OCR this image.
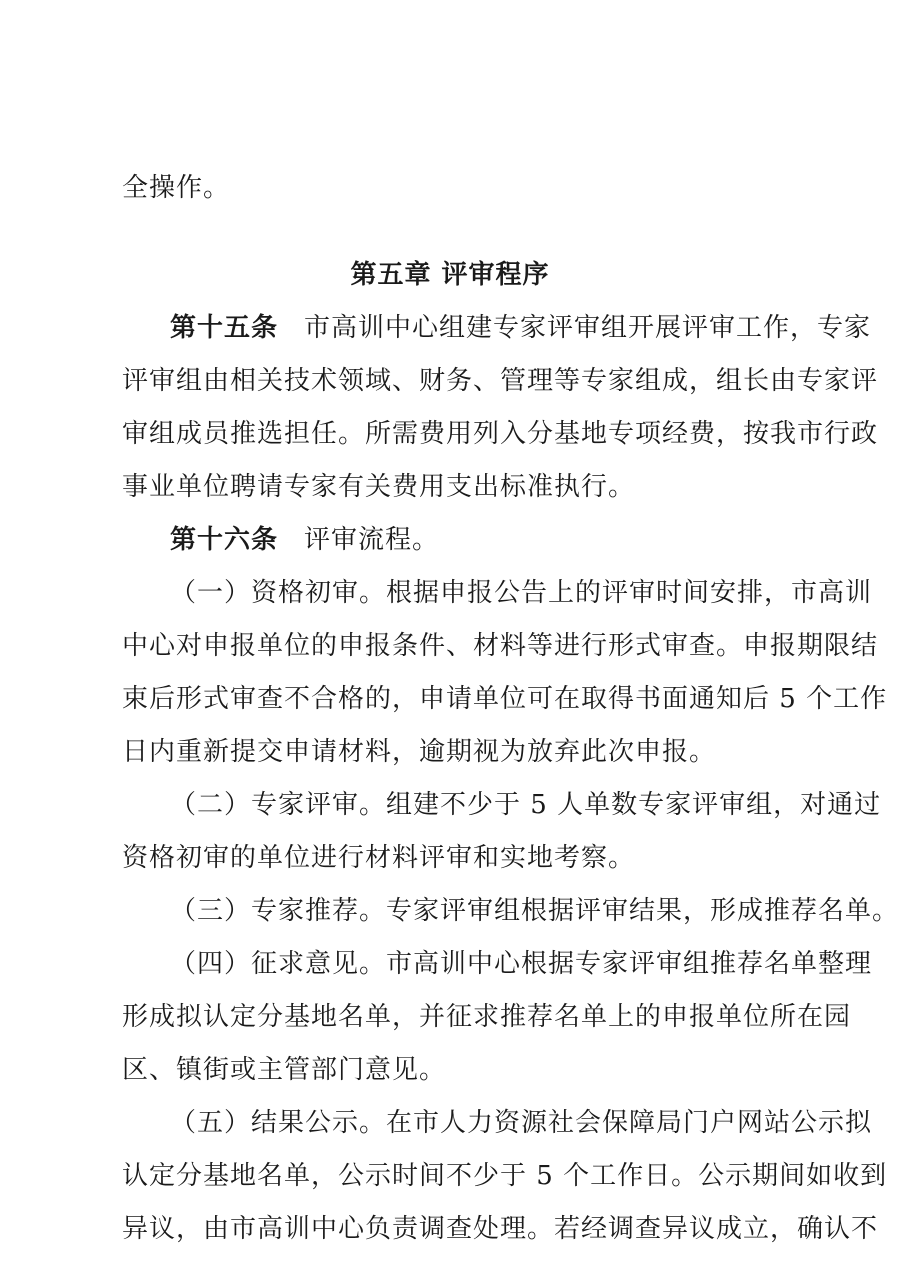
全操作。
第五章 评审程序
第十五条 市高训中心组建专家评审组开展评审工作，专家
评审组由相关技术领域、财务、管理等专家组成，组长由专家评
审组成员推选担任。所需费用列入分基地专项经费，按我市行政
事业单位聘请专家有关费用支出标准执行。
第十六条 评审流程。
（一）资格初审。根据申报公告上的评审时间安排，市高训
中心对申报单位的申报条件、材料等进行形式审查。申报期限结
束后形式审查不合格的，申请单位可在取得书面通知后 5 个工作
日内重新提交申请材料，逾期视为放弃此次申报。
（二）专家评审。组建不少于 5 人单数专家评审组，对通过
资格初审的单位进行材料评审和实地考察。
（三）专家推荐。专家评审组根据评审结果，形成推荐名单。
（四）征求意见。市高训中心根据专家评审组推荐名单整理
形成拟认定分基地名单，并征求推荐名单上的申报单位所在园
区、镇街或主管部门意见。
（五）结果公示。在市人力资源社会保障局门户网站公示拟
认定分基地名单，公示时间不少于 5 个工作日。公示期间如收到
异议，由市高训中心负责调查处理。若经调查异议成立，确认不
